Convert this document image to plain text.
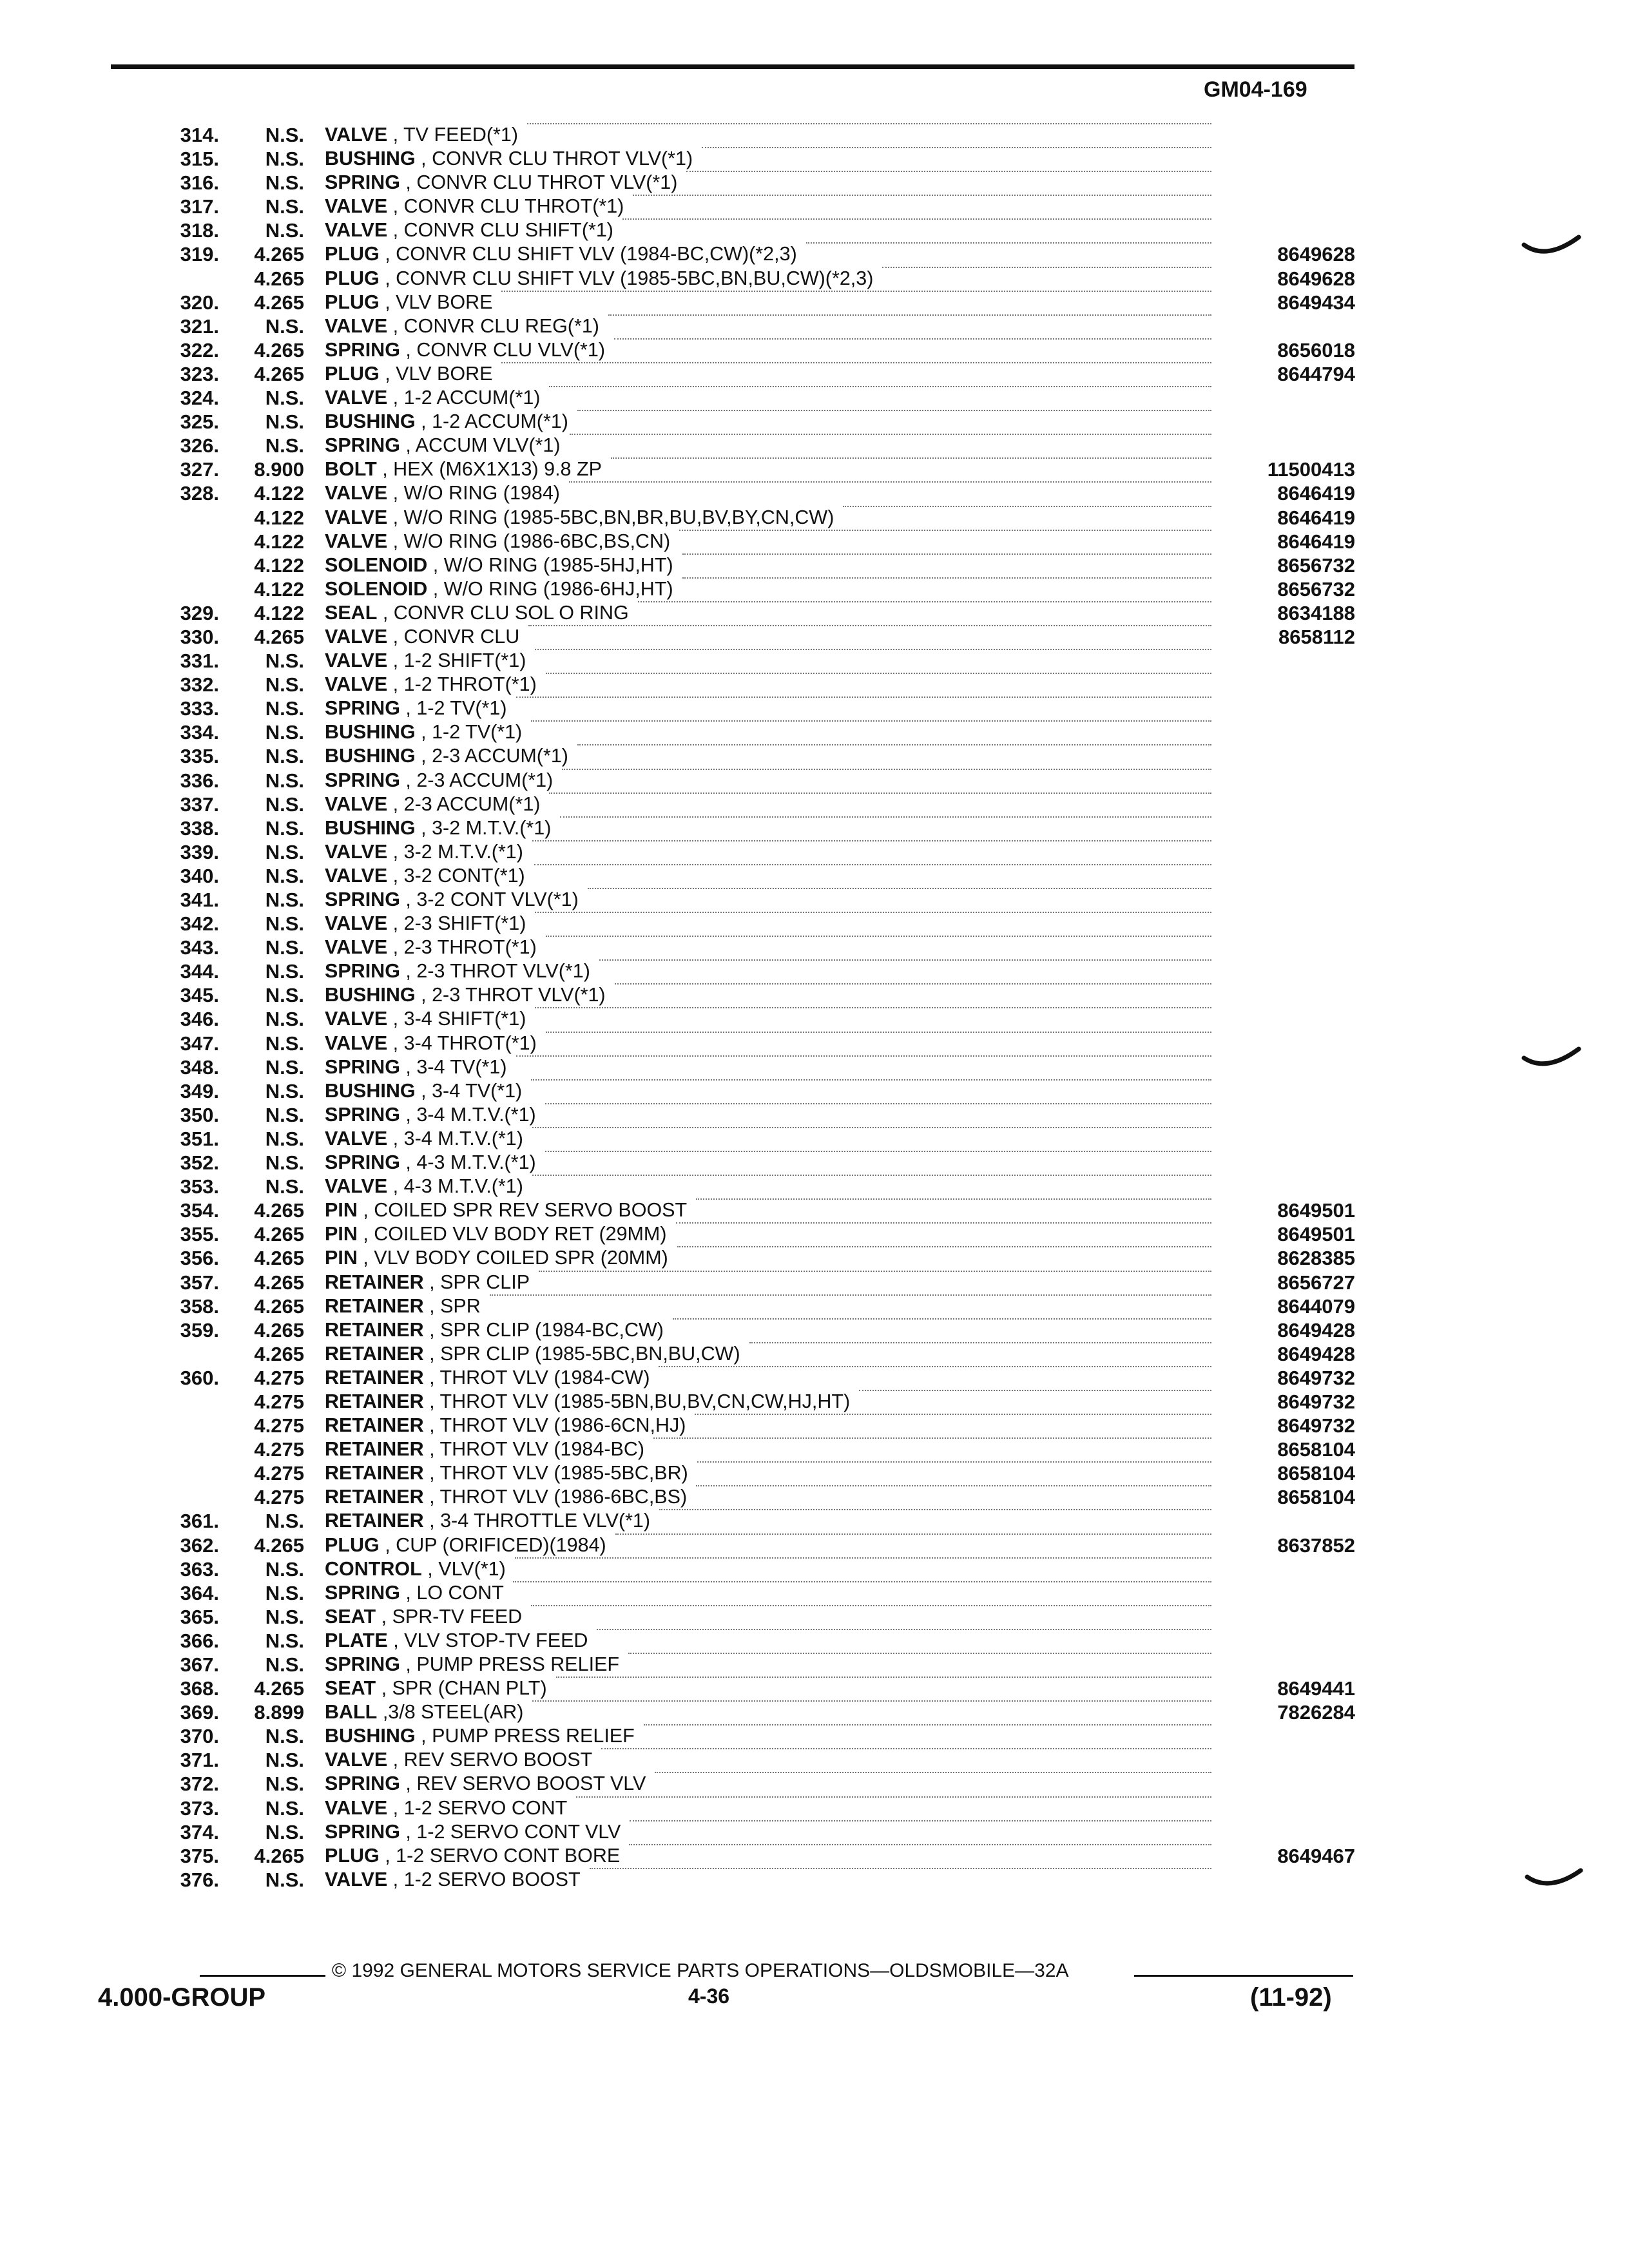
GM04-169
314.	N.S. VALVE , TV FEED(*1)
315.	N.S. BUSHING , CONVR CLU THROT VLV(*1)
316.	N.S. SPRING , CONVR CLU THROT VLV(*1)
317.	N.S. VALVE , CONVR CLU THROT(*1)
318.	N.S. VALVE , CONVR CLU SHIFT(*1)
319.	4.265 PLUG , CONVR CLU SHIFT VLV (1984-BC,CW)(*2,3)	8649628
4.265 PLUG , CONVR CLU SHIFT VLV (1985-5BC,BN,BU,CW)(*2,3)	8649628
320.	4.265 PLUG , VLV BORE	8649434
321.	N.S. VALVE , CONVR CLU REG(*1)
322.	4.265 SPRING , CONVR CLU VLV(*1)	8656018
323.	4.265 PLUG , VLV BORE	8644794
324.	N.S. VALVE , 1-2 ACCUM(*1)
325.	N.S. BUSHING , 1-2 ACCUM(*1)
326.	N.S. SPRING , ACCUM VLV(*1)
327.	8.900 BOLT , HEX (M6X1X13) 9.8 ZP	11500413
328.	4.122 VALVE , W/O RING (1984)	8646419
4.122 VALVE , W/O RING (1985-5BC,BN,BR,BU,BV,BY,CN,CW)	8646419
4.122 VALVE , W/O RING (1986-6BC,BS,CN)	8646419
4.122 SOLENOID , W/O RING (1985-5HJ,HT)	8656732
4.122 SOLENOID , W/O RING (1986-6HJ,HT)	8656732
329.	4.122 SEAL , CONVR CLU SOL O RING	8634188
330.	4.265 VALVE , CONVR CLU	8658112
331.	N.S. VALVE , 1-2 SHIFT(*1)
332.	N.S. VALVE , 1-2 THROT(*1)
333.	N.S. SPRING , 1-2 TV(*1)
334.	N.S. BUSHING , 1-2 TV(*1)
335.	N.S. BUSHING , 2-3 ACCUM(*1)
336.	N.S. SPRING , 2-3 ACCUM(*1)
337.	N.S. VALVE , 2-3 ACCUM(*1)
338.	N.S. BUSHING , 3-2 M.T.V.(*1)
339.	N.S. VALVE , 3-2 M.T.V.(*1)
340.	N.S. VALVE , 3-2 CONT(*1)
341.	N.S. SPRING , 3-2 CONT VLV(*1)
342.	N.S. VALVE , 2-3 SHIFT(*1)
343.	N.S. VALVE , 2-3 THROT(*1)
344.	N.S. SPRING , 2-3 THROT VLV(*1)
345.	N.S. BUSHING , 2-3 THROT VLV(*1)
346.	N.S. VALVE , 3-4 SHIFT(*1)
347.	N.S. VALVE , 3-4 THROT(*1)
348.	N.S. SPRING , 3-4 TV(*1)
349.	N.S. BUSHING , 3-4 TV(*1)
350.	N.S. SPRING , 3-4 M.T.V.(*1)
351.	N.S. VALVE , 3-4 M.T.V.(*1)
352.	N.S. SPRING , 4-3 M.T.V.(*1)
353.	N.S. VALVE , 4-3 M.T.V.(*1)
354.	4.265 PIN , COILED SPR REV SERVO BOOST	8649501
355.	4.265 PIN , COILED VLV BODY RET (29MM)	8649501
356.	4.265 PIN , VLV BODY COILED SPR (20MM)	8628385
357.	4.265 RETAINER , SPR CLIP	8656727
358.	4.265 RETAINER , SPR	8644079
359.	4.265 RETAINER , SPR CLIP (1984-BC,CW)	8649428
4.265 RETAINER , SPR CLIP (1985-5BC,BN,BU,CW)	8649428
360.	4.275 RETAINER , THROT VLV (1984-CW)	8649732
4.275 RETAINER , THROT VLV (1985-5BN,BU,BV,CN,CW,HJ,HT)	8649732
4.275 RETAINER , THROT VLV (1986-6CN,HJ)	8649732
4.275 RETAINER , THROT VLV (1984-BC)	8658104
4.275 RETAINER , THROT VLV (1985-5BC,BR)	8658104
4.275 RETAINER , THROT VLV (1986-6BC,BS)	8658104
361.	N.S. RETAINER , 3-4 THROTTLE VLV(*1)
362.	4.265 PLUG , CUP (ORIFICED)(1984)	8637852
363.	N.S. CONTROL , VLV(*1)
364.	N.S. SPRING , LO CONT
365.	N.S. SEAT , SPR-TV FEED
366.	N.S. PLATE , VLV STOP-TV FEED
367.	N.S. SPRING , PUMP PRESS RELIEF
368.	4.265 SEAT , SPR (CHAN PLT)	8649441
369.	8.899 BALL ,3/8 STEEL(AR)	7826284
370.	N.S. BUSHING , PUMP PRESS RELIEF
371.	N.S. VALVE , REV SERVO BOOST
372.	N.S. SPRING , REV SERVO BOOST VLV
373.	N.S. VALVE , 1-2 SERVO CONT
374.	N.S. SPRING , 1-2 SERVO CONT VLV
375.	4.265 PLUG , 1-2 SERVO CONT BORE	8649467
376.	N.S. VALVE , 1-2 SERVO BOOST
© 1992 GENERAL MOTORS SERVICE PARTS OPERATIONS—OLDSMOBILE—32A
4.000-GROUP	4-36	(11-92)
